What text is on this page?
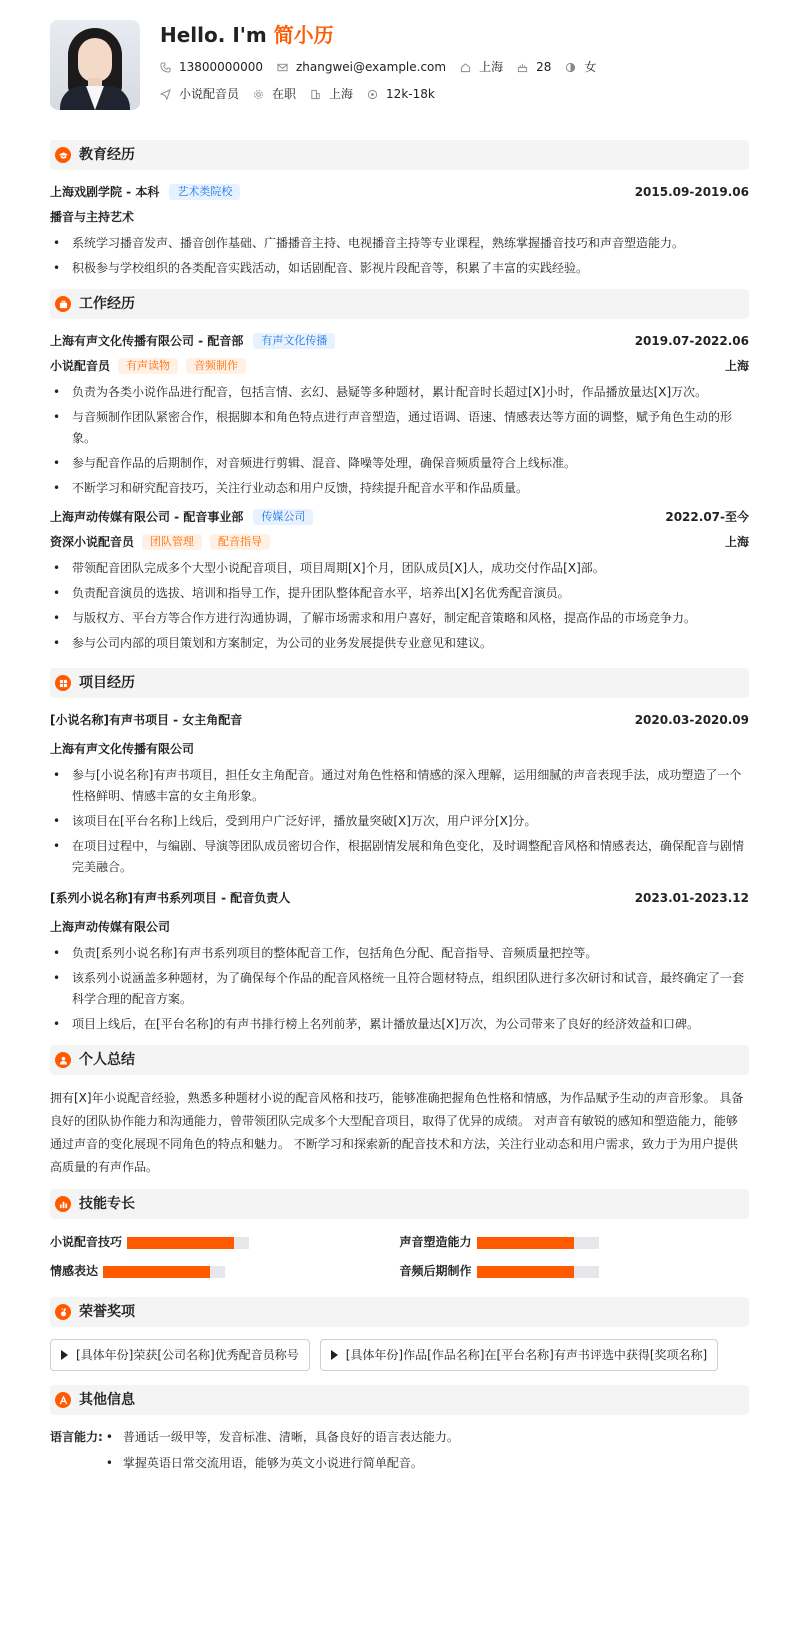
Hello. I'm 简小历
13800000000	zhangwei@example.com	上海	28	女
小说配音员	在职	上海	12k-18k
教育经历
上海戏剧学院 - 本科	艺术类院校	2015.09-2019.06
播音与主持艺术
• 系统学习播音发声、播音创作基础、广播播音主持、电视播音主持等专业课程，熟练掌握播音技巧和声音塑造能力。
• 积极参与学校组织的各类配音实践活动，如话剧配音、影视片段配音等，积累了丰富的实践经验。
工作经历
上海有声文化传播有限公司 - 配音部	有声文化传播	2019.07-2022.06
小说配音员	有声读物	音频制作	上海
• 负责为各类小说作品进行配音，包括言情、玄幻、悬疑等多种题材，累计配音时长超过[X]小时，作品播放量达[X]万次。
• 与音频制作团队紧密合作，根据脚本和角色特点进行声音塑造，通过语调、语速、情感表达等方面的调整，赋予角色生动的形象。
• 参与配音作品的后期制作，对音频进行剪辑、混音、降噪等处理，确保音频质量符合上线标准。
• 不断学习和研究配音技巧，关注行业动态和用户反馈，持续提升配音水平和作品质量。
上海声动传媒有限公司 - 配音事业部	传媒公司	2022.07-至今
资深小说配音员	团队管理	配音指导	上海
• 带领配音团队完成多个大型小说配音项目，项目周期[X]个月，团队成员[X]人，成功交付作品[X]部。
• 负责配音演员的选拔、培训和指导工作，提升团队整体配音水平，培养出[X]名优秀配音演员。
• 与版权方、平台方等合作方进行沟通协调，了解市场需求和用户喜好，制定配音策略和风格，提高作品的市场竞争力。
• 参与公司内部的项目策划和方案制定，为公司的业务发展提供专业意见和建议。
项目经历
[小说名称]有声书项目 - 女主角配音	2020.03-2020.09
上海有声文化传播有限公司
• 参与[小说名称]有声书项目，担任女主角配音。通过对角色性格和情感的深入理解，运用细腻的声音表现手法，成功塑造了一个性格鲜明、情感丰富的女主角形象。
• 该项目在[平台名称]上线后，受到用户广泛好评，播放量突破[X]万次，用户评分[X]分。
• 在项目过程中，与编剧、导演等团队成员密切合作，根据剧情发展和角色变化，及时调整配音风格和情感表达，确保配音与剧情完美融合。
[系列小说名称]有声书系列项目 - 配音负责人	2023.01-2023.12
上海声动传媒有限公司
• 负责[系列小说名称]有声书系列项目的整体配音工作，包括角色分配、配音指导、音频质量把控等。
• 该系列小说涵盖多种题材，为了确保每个作品的配音风格统一且符合题材特点，组织团队进行多次研讨和试音，最终确定了一套科学合理的配音方案。
• 项目上线后，在[平台名称]的有声书排行榜上名列前茅，累计播放量达[X]万次，为公司带来了良好的经济效益和口碑。
个人总结

拥有[X]年小说配音经验，熟悉多种题材小说的配音风格和技巧，能够准确把握角色性格和情感，为作品赋予生动的声音形象。 具备良好的团队协作能力和沟通能力，曾带领团队完成多个大型配音项目，取得了优异的成绩。 对声音有敏锐的感知和塑造能力，能够通过声音的变化展现不同角色的特点和魅力。 不断学习和探索新的配音技术和方法，关注行业动态和用户需求，致力于为用户提供高质量的有声作品。

技能专长
小说配音技巧	声音塑造能力
情感表达	音频后期制作
荣誉奖项
[具体年份]荣获[公司名称]优秀配音员称号	[具体年份]作品[作品名称]在[平台名称]有声书评选中获得[奖项名称]
其他信息
语言能力:
•	普通话一级甲等，发音标准、清晰，具备良好的语言表达能力。
• 掌握英语日常交流用语，能够为英文小说进行简单配音。
